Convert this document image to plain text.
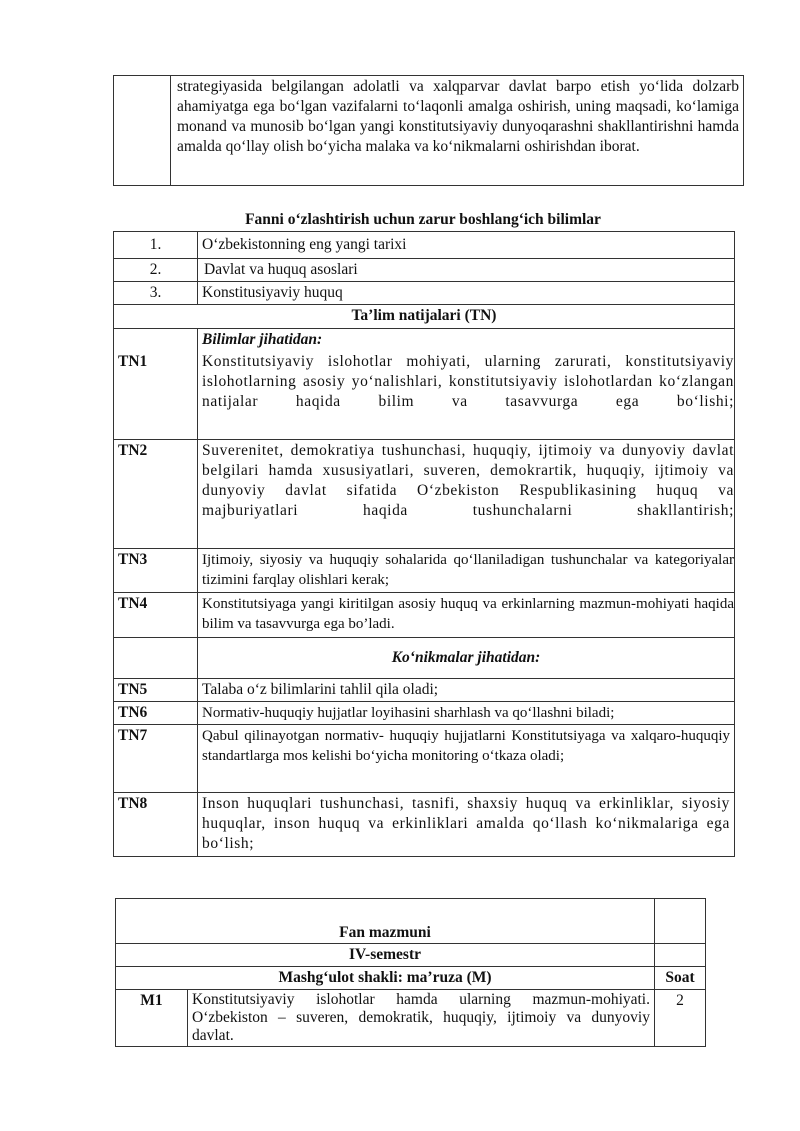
	strategiyasida belgilangan adolatli va xalqparvar davlat barpo etish yo‘lida dolzarb ahamiyatga ega bo‘lgan vazifalarni to‘laqonli amalga oshirish, uning maqsadi, ko‘lamiga monand va munosib bo‘lgan yangi konstitutsiyaviy dunyoqarashni shakllantirishni hamda amalda qo‘llay olish bo‘yicha malaka va ko‘nikmalarni oshirishdan iborat.
Fanni o‘zlashtirish uchun zarur boshlang‘ich bilimlar
1.	O‘zbekistonning eng yangi tarixi
2.	Davlat va huquq asoslari
3.	Konstitusiyaviy huquq
Ta’lim natijalari (TN)	
	Bilimlar jihatidan:
TN1	Konstitutsiyaviy islohotlar mohiyati, ularning zarurati, konstitutsiyaviy islohotlarning asosiy yo‘nalishlari, konstitutsiyaviy islohotlardan ko‘zlangan natijalar haqida bilim va tasavvurga ega bo‘lishi;
TN2	Suverenitet, demokratiya tushunchasi, huquqiy, ijtimoiy va dunyoviy davlat belgilari hamda xususiyatlari, suveren, demokrartik, huquqiy, ijtimoiy va dunyoviy davlat sifatida O‘zbekiston Respublikasining huquq va majburiyatlari haqida tushunchalarni shakllantirish;
TN3	Ijtimoiy, siyosiy va huquqiy sohalarida qo‘llaniladigan tushunchalar va kategoriyalar tizimini farqlay olishlari kerak;
TN4	Konstitutsiyaga yangi kiritilgan asosiy huquq va erkinlarning mazmun-mohiyati haqida bilim va tasavvurga ega bo’ladi.
	Ko‘nikmalar jihatidan:
TN5	Talaba o‘z bilimlarini tahlil qila oladi;
TN6	Normativ-huquqiy hujjatlar loyihasini sharhlash va qo‘llashni biladi;
TN7	Qabul qilinayotgan normativ- huquqiy hujjatlarni Konstitutsiyaga va xalqaro-huquqiy standartlarga mos kelishi bo‘yicha monitoring o‘tkaza oladi;
TN8	Inson huquqlari tushunchasi, tasnifi, shaxsiy huquq va erkinliklar, siyosiy huquqlar, inson huquq va erkinliklari amalda qo‘llash ko‘nikmalariga ega bo‘lish;
Fan mazmuni		
IV-semestr		
Mashg‘ulot shakli: ma’ruza (M)		Soat
M1	Konstitutsiyaviy islohotlar hamda ularning mazmun-mohiyati. O‘zbekiston – suveren, demokratik, huquqiy, ijtimoiy va dunyoviy davlat.	2
